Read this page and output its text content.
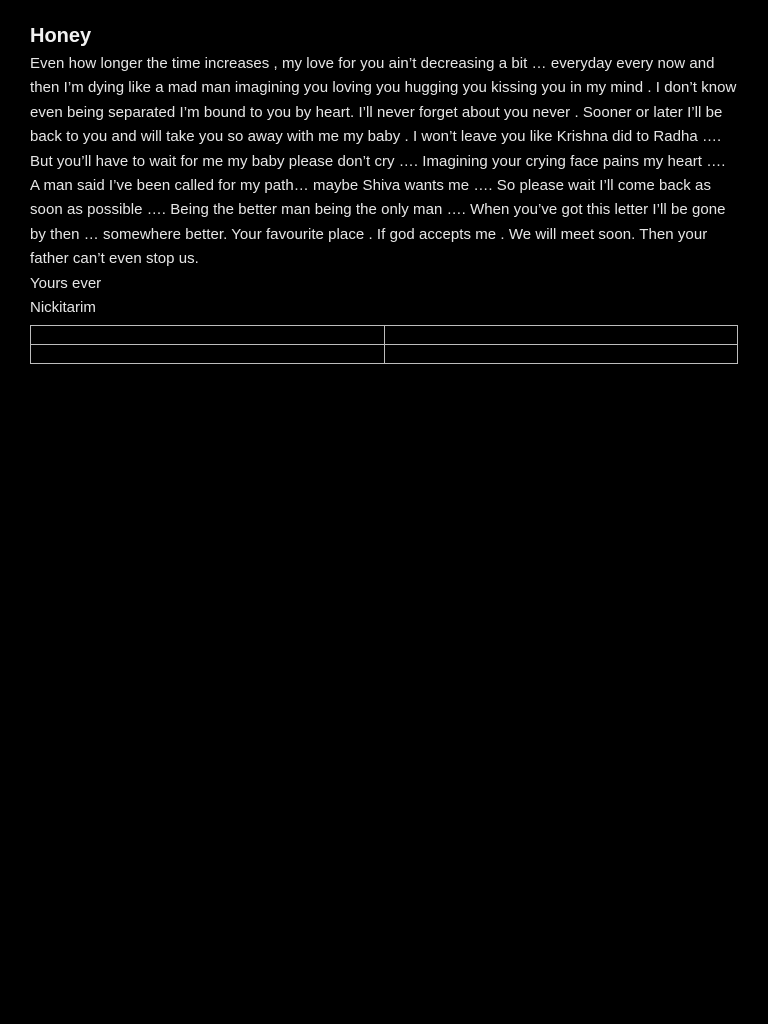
Honey

Even how longer the time increases , my love for you ain’t decreasing a bit … everyday every now and then I’m dying like a mad man imagining you loving you hugging you kissing you in my mind . I don’t know even being separated I’m bound to you by heart. I’ll never forget about you never . Sooner or later I’ll be back to you and will take you so away with me my baby . I won’t leave you like Krishna did to Radha …. But you’ll have to wait for me my baby please don’t cry …. Imagining your crying face pains my heart …. A man said I’ve been called for my path… maybe Shiva wants me …. So please wait I’ll come back as soon as possible …. Being the better man being the only man …. When you’ve got this letter I’ll be gone by then … somewhere better. Your favourite place . If god accepts me . We will meet soon. Then your father can’t even stop us.

Yours ever

Nickitarim
